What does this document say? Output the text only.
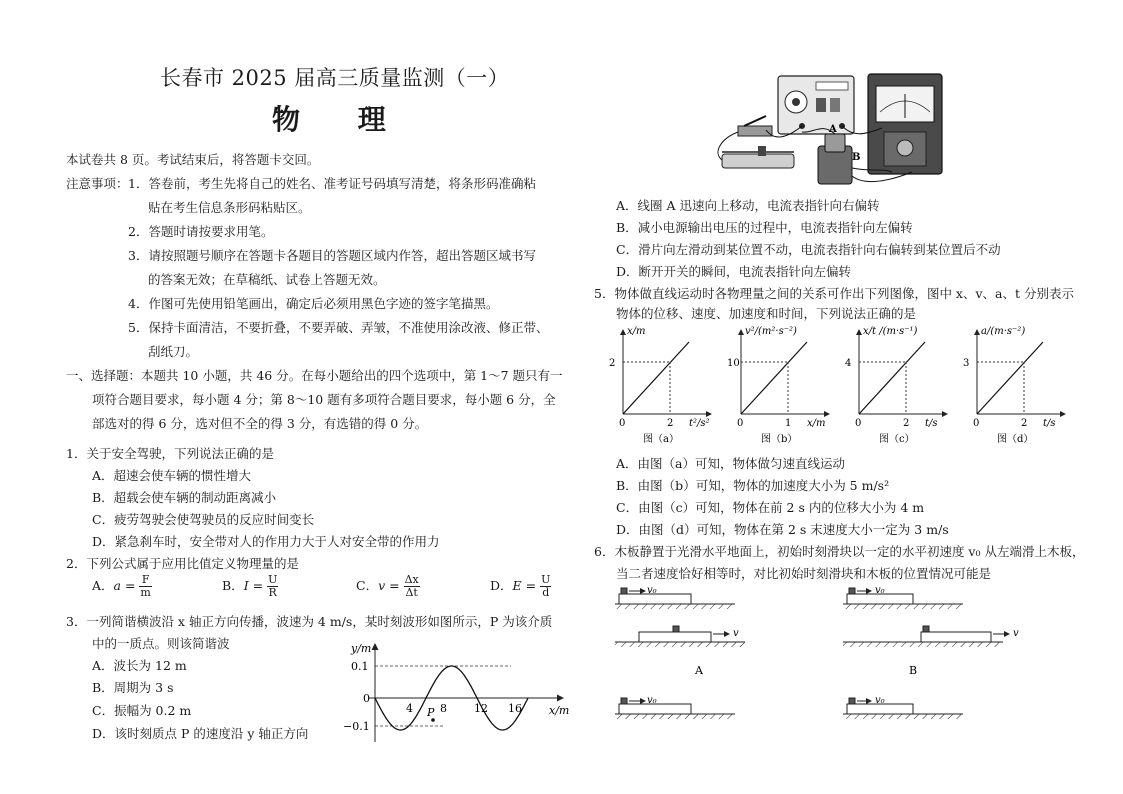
长春市 2025 届高三质量监测（一）
物 理
本试卷共 8 页。考试结束后，将答题卡交回。
注意事项： 1．答卷前，考生先将自己的姓名、准考证号码填写清楚，将条形码准确粘
贴在考生信息条形码粘贴区。
2．答题时请按要求用笔。
3．请按照题号顺序在答题卡各题目的答题区域内作答，超出答题区域书写
的答案无效；在草稿纸、试卷上答题无效。
4．作图可先使用铅笔画出，确定后必须用黑色字迹的签字笔描黑。
5．保持卡面清洁，不要折叠，不要弄破、弄皱，不准使用涂改液、修正带、
刮纸刀。
一、选择题：本题共 10 小题，共 46 分。在每小题给出的四个选项中，第 1～7 题只有一
项符合题目要求，每小题 4 分；第 8～10 题有多项符合题目要求，每小题 6 分，全
部选对的得 6 分，选对但不全的得 3 分，有选错的得 0 分。
1．关于安全驾驶，下列说法正确的是
A．超速会使车辆的惯性增大
B．超载会使车辆的制动距离减小
C．疲劳驾驶会使驾驶员的反应时间变长
D．紧急刹车时，安全带对人的作用力大于人对安全带的作用力
2．下列公式属于应用比值定义物理量的是
A．$a = \frac{F}{m}$	B．$I = \frac{U}{R}$	C．$v = \frac{\Delta x}{\Delta t}$	D．$E = \frac{U}{d}$
3．一列简谐横波沿 x 轴正方向传播，波速为 4 m/s，某时刻波形如图所示，P 为该介质
中的一质点。则该简谐波
A．波长为 12 m
B．周期为 3 s
C．振幅为 0.2 m
D．该时刻质点 P 的速度沿 y 轴正方向
y/m
x/m
0.1
0
−0.1
4 8 12 16
P
A
B
A．线圈 A 迅速向上移动，电流表指针向右偏转
B．减小电源输出电压的过程中，电流表指针向左偏转
C．滑片向左滑动到某位置不动，电流表指针向右偏转到某位置后不动
D．断开开关的瞬间，电流表指针向左偏转
5．物体做直线运动时各物理量之间的关系可作出下列图像，图中 x、v、a、t 分别表示
物体的位移、速度、加速度和时间，下列说法正确的是
x/m
t²/s²
2
2
0
图（a）
v²/(m²·s⁻²)
x/m
10
1
0
图（b）
x/t /(m·s⁻¹)
t/s
4
2
0
图（c）
a/(m·s⁻²)
t/s
3
2
0
图（d）
A．由图（a）可知，物体做匀速直线运动
B．由图（b）可知，物体的加速度大小为 5 m/s²
C．由图（c）可知，物体在前 2 s 内的位移大小为 4 m
D．由图（d）可知，物体在第 2 s 末速度大小一定为 3 m/s
6．木板静置于光滑水平地面上，初始时刻滑块以一定的水平初速度 v₀ 从左端滑上木板，
当二者速度恰好相等时，对比初始时刻滑块和木板的位置情况可能是
v₀
v
A
v₀
v
B
v₀	v₀
